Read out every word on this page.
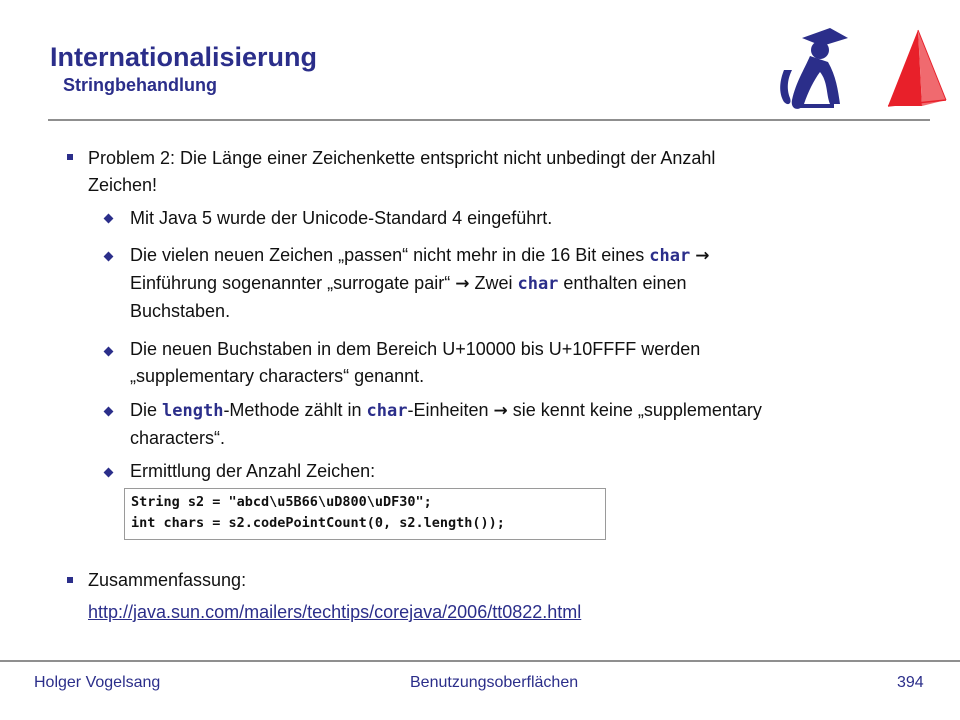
Internationalisierung
Stringbehandlung
Problem 2: Die Länge einer Zeichenkette entspricht nicht unbedingt der Anzahl
Zeichen!
Mit Java 5 wurde der Unicode-Standard 4 eingeführt.
Die vielen neuen Zeichen „passen“ nicht mehr in die 16 Bit eines char →
Einführung sogenannter „surrogate pair“ → Zwei char enthalten einen
Buchstaben.
Die neuen Buchstaben in dem Bereich U+10000 bis U+10FFFF werden
„supplementary characters“ genannt.
Die length-Methode zählt in char-Einheiten → sie kennt keine „supplementary
characters“.
Ermittlung der Anzahl Zeichen:
String s2 = "abcd\u5B66\uD800\uDF30";
int chars = s2.codePointCount(0, s2.length());
Zusammenfassung:
http://java.sun.com/mailers/techtips/corejava/2006/tt0822.html
Holger Vogelsang	Benutzungsoberflächen	394
